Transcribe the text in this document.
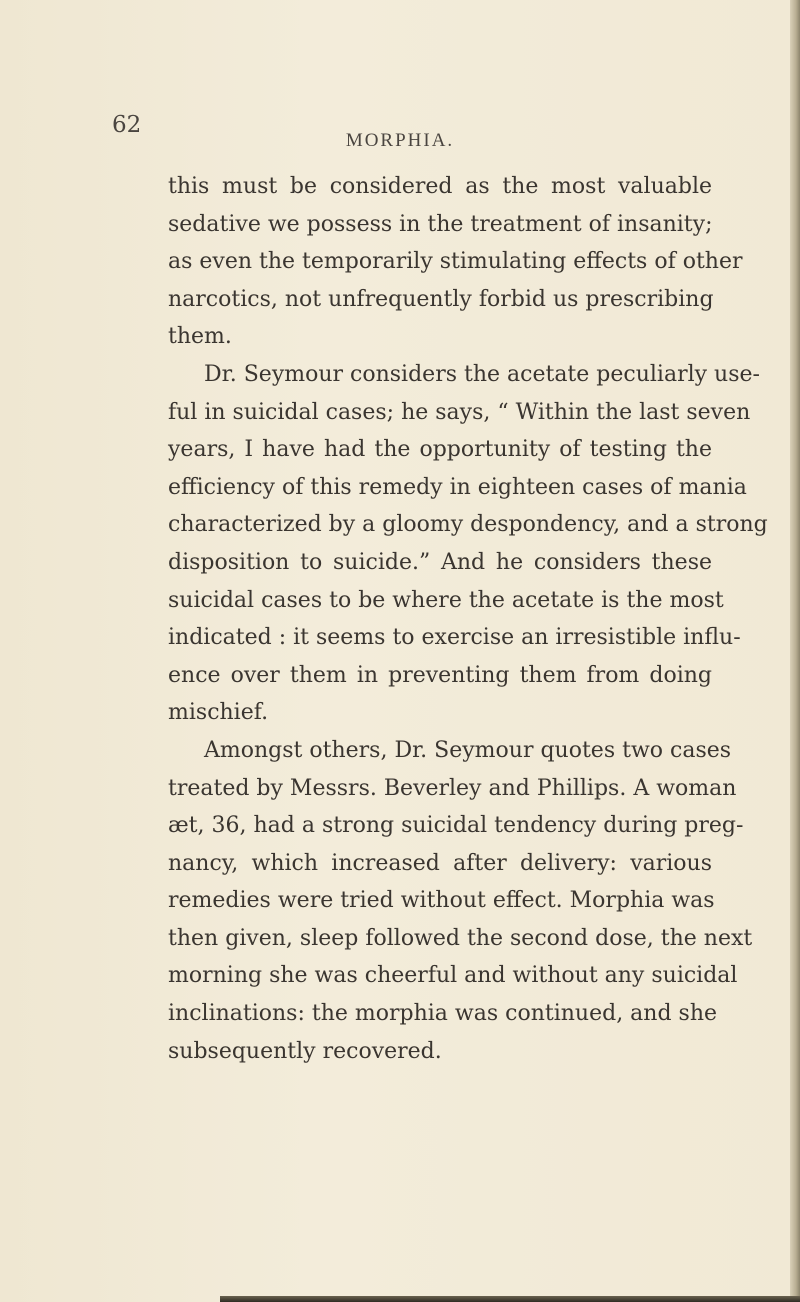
62
MORPHIA.
this must be considered as the most valuable
sedative we possess in the treatment of insanity;
as even the temporarily stimulating effects of other
narcotics, not unfrequently forbid us prescribing
them.
Dr. Seymour considers the acetate peculiarly use-
ful in suicidal cases; he says, “ Within the last seven
years, I have had the opportunity of testing the
efficiency of this remedy in eighteen cases of mania
characterized by a gloomy despondency, and a strong
disposition to suicide.” And he considers these
suicidal cases to be where the acetate is the most
indicated : it seems to exercise an irresistible influ-
ence over them in preventing them from doing
mischief.
Amongst others, Dr. Seymour quotes two cases
treated by Messrs. Beverley and Phillips. A woman
æt, 36, had a strong suicidal tendency during preg-
nancy, which increased after delivery: various
remedies were tried without effect. Morphia was
then given, sleep followed the second dose, the next
morning she was cheerful and without any suicidal
inclinations: the morphia was continued, and she
subsequently recovered.
